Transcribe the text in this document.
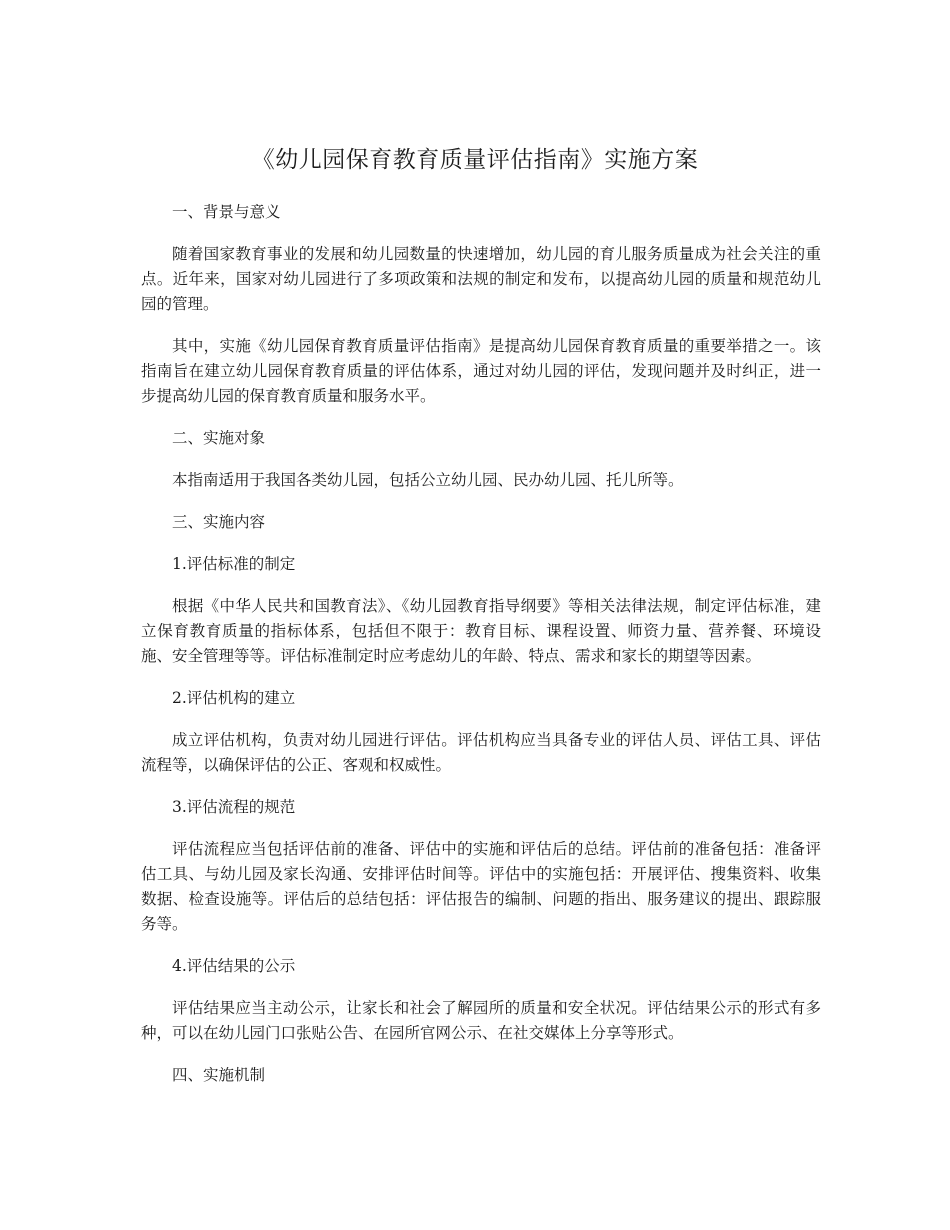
《幼儿园保育教育质量评估指南》实施方案

一、背景与意义

随着国家教育事业的发展和幼儿园数量的快速增加，幼儿园的育儿服务质量成为社会关注的重点。近年来，国家对幼儿园进行了多项政策和法规的制定和发布，以提高幼儿园的质量和规范幼儿园的管理。

其中，实施《幼儿园保育教育质量评估指南》是提高幼儿园保育教育质量的重要举措之一。该指南旨在建立幼儿园保育教育质量的评估体系，通过对幼儿园的评估，发现问题并及时纠正，进一步提高幼儿园的保育教育质量和服务水平。

二、实施对象

本指南适用于我国各类幼儿园，包括公立幼儿园、民办幼儿园、托儿所等。

三、实施内容

1.评估标准的制定

根据《中华人民共和国教育法》、《幼儿园教育指导纲要》等相关法律法规，制定评估标准，建立保育教育质量的指标体系，包括但不限于：教育目标、课程设置、师资力量、营养餐、环境设施、安全管理等等。评估标准制定时应考虑幼儿的年龄、特点、需求和家长的期望等因素。

2.评估机构的建立

成立评估机构，负责对幼儿园进行评估。评估机构应当具备专业的评估人员、评估工具、评估流程等，以确保评估的公正、客观和权威性。

3.评估流程的规范

评估流程应当包括评估前的准备、评估中的实施和评估后的总结。评估前的准备包括：准备评估工具、与幼儿园及家长沟通、安排评估时间等。评估中的实施包括：开展评估、搜集资料、收集数据、检查设施等。评估后的总结包括：评估报告的编制、问题的指出、服务建议的提出、跟踪服务等。

4.评估结果的公示

评估结果应当主动公示，让家长和社会了解园所的质量和安全状况。评估结果公示的形式有多种，可以在幼儿园门口张贴公告、在园所官网公示、在社交媒体上分享等形式。

四、实施机制
